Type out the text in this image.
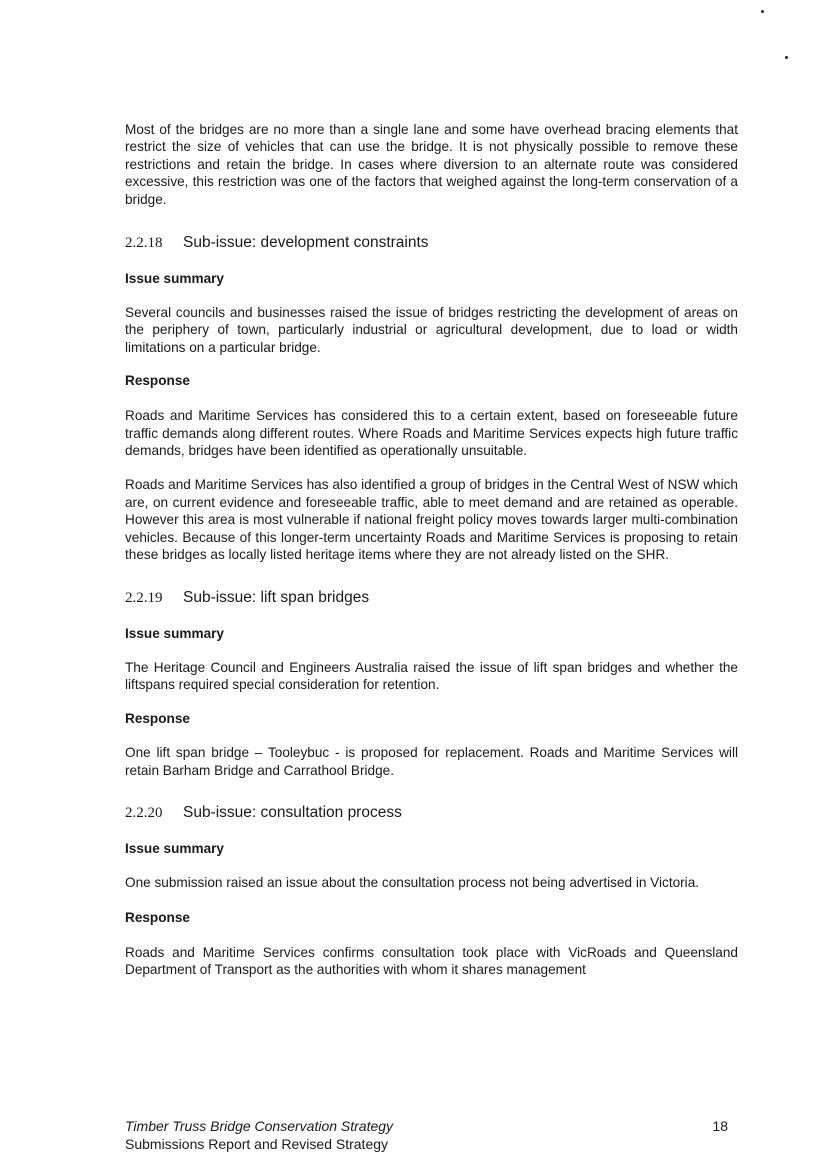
Most of the bridges are no more than a single lane and some have overhead bracing elements that restrict the size of vehicles that can use the bridge. It is not physically possible to remove these restrictions and retain the bridge. In cases where diversion to an alternate route was considered excessive, this restriction was one of the factors that weighed against the long-term conservation of a bridge.

2.2.18 Sub-issue: development constraints
Issue summary

Several councils and businesses raised the issue of bridges restricting the development of areas on the periphery of town, particularly industrial or agricultural development, due to load or width limitations on a particular bridge.

Response

Roads and Maritime Services has considered this to a certain extent, based on foreseeable future traffic demands along different routes. Where Roads and Maritime Services expects high future traffic demands, bridges have been identified as operationally unsuitable.

Roads and Maritime Services has also identified a group of bridges in the Central West of NSW which are, on current evidence and foreseeable traffic, able to meet demand and are retained as operable. However this area is most vulnerable if national freight policy moves towards larger multi-combination vehicles. Because of this longer-term uncertainty Roads and Maritime Services is proposing to retain these bridges as locally listed heritage items where they are not already listed on the SHR.

2.2.19 Sub-issue: lift span bridges
Issue summary

The Heritage Council and Engineers Australia raised the issue of lift span bridges and whether the liftspans required special consideration for retention.

Response

One lift span bridge – Tooleybuc - is proposed for replacement. Roads and Maritime Services will retain Barham Bridge and Carrathool Bridge.

2.2.20 Sub-issue: consultation process
Issue summary

One submission raised an issue about the consultation process not being advertised in Victoria.

Response

Roads and Maritime Services confirms consultation took place with VicRoads and Queensland Department of Transport as the authorities with whom it shares management

Timber Truss Bridge Conservation Strategy
Submissions Report and Revised Strategy
18
